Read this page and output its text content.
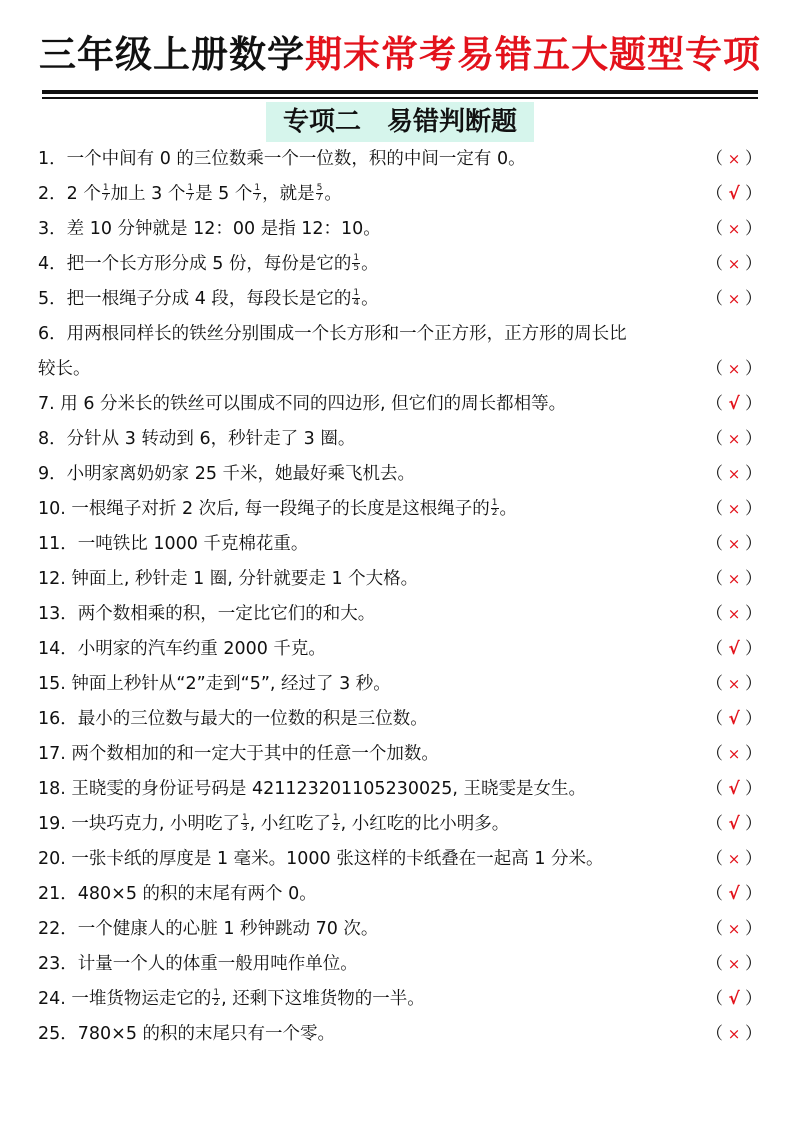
三年级上册数学期末常考易错五大题型专项
专项二　易错判断题
1．一个中间有 0 的三位数乘一个一位数，积的中间一定有 0。	（ × ）
2．2 个 $\frac{1}{7}$ 加上 3 个 $\frac{1}{7}$ 是 5 个 $\frac{1}{7}$ ，就是 $\frac{5}{7}$ 。	（ √ ）
3．差 10 分钟就是 12：00 是指 12：10。	（ × ）
4．把一个长方形分成 5 份，每份是它的 $\frac{1}{5}$ 。	（ × ）
5．把一根绳子分成 4 段，每段长是它的 $\frac{1}{4}$ 。	（ × ）
6．用两根同样长的铁丝分别围成一个长方形和一个正方形，正方形的周长比
较长。	（ × ）
7. 用 6 分米长的铁丝可以围成不同的四边形, 但它们的周长都相等。	（ √ ）
8．分针从 3 转动到 6，秒针走了 3 圈。	（ × ）
9．小明家离奶奶家 25 千米，她最好乘飞机去。	（ × ）
10. 一根绳子对折 2 次后, 每一段绳子的长度是这根绳子的 $\frac{1}{2}$ 。	（ × ）
11．一吨铁比 1000 千克棉花重。	（ × ）
12. 钟面上, 秒针走 1 圈, 分针就要走 1 个大格。	（ × ）
13．两个数相乘的积，一定比它们的和大。	（ × ）
14．小明家的汽车约重 2000 千克。	（ √ ）
15. 钟面上秒针从“2”走到“5”, 经过了 3 秒。	（ × ）
16．最小的三位数与最大的一位数的积是三位数。	（ √ ）
17. 两个数相加的和一定大于其中的任意一个加数。	（ × ）
18. 王晓雯的身份证号码是 421123201105230025, 王晓雯是女生。	（ √ ）
19. 一块巧克力, 小明吃了 $\frac{1}{3}$ , 小红吃了 $\frac{1}{2}$ , 小红吃的比小明多。	（ √ ）
20. 一张卡纸的厚度是 1 毫米。1000 张这样的卡纸叠在一起高 1 分米。	（ × ）
21．480×5 的积的末尾有两个 0。	（ √ ）
22．一个健康人的心脏 1 秒钟跳动 70 次。	（ × ）
23．计量一个人的体重一般用吨作单位。	（ × ）
24. 一堆货物运走它的 $\frac{1}{2}$ , 还剩下这堆货物的一半。	（ √ ）
25．780×5 的积的末尾只有一个零。	（ × ）
